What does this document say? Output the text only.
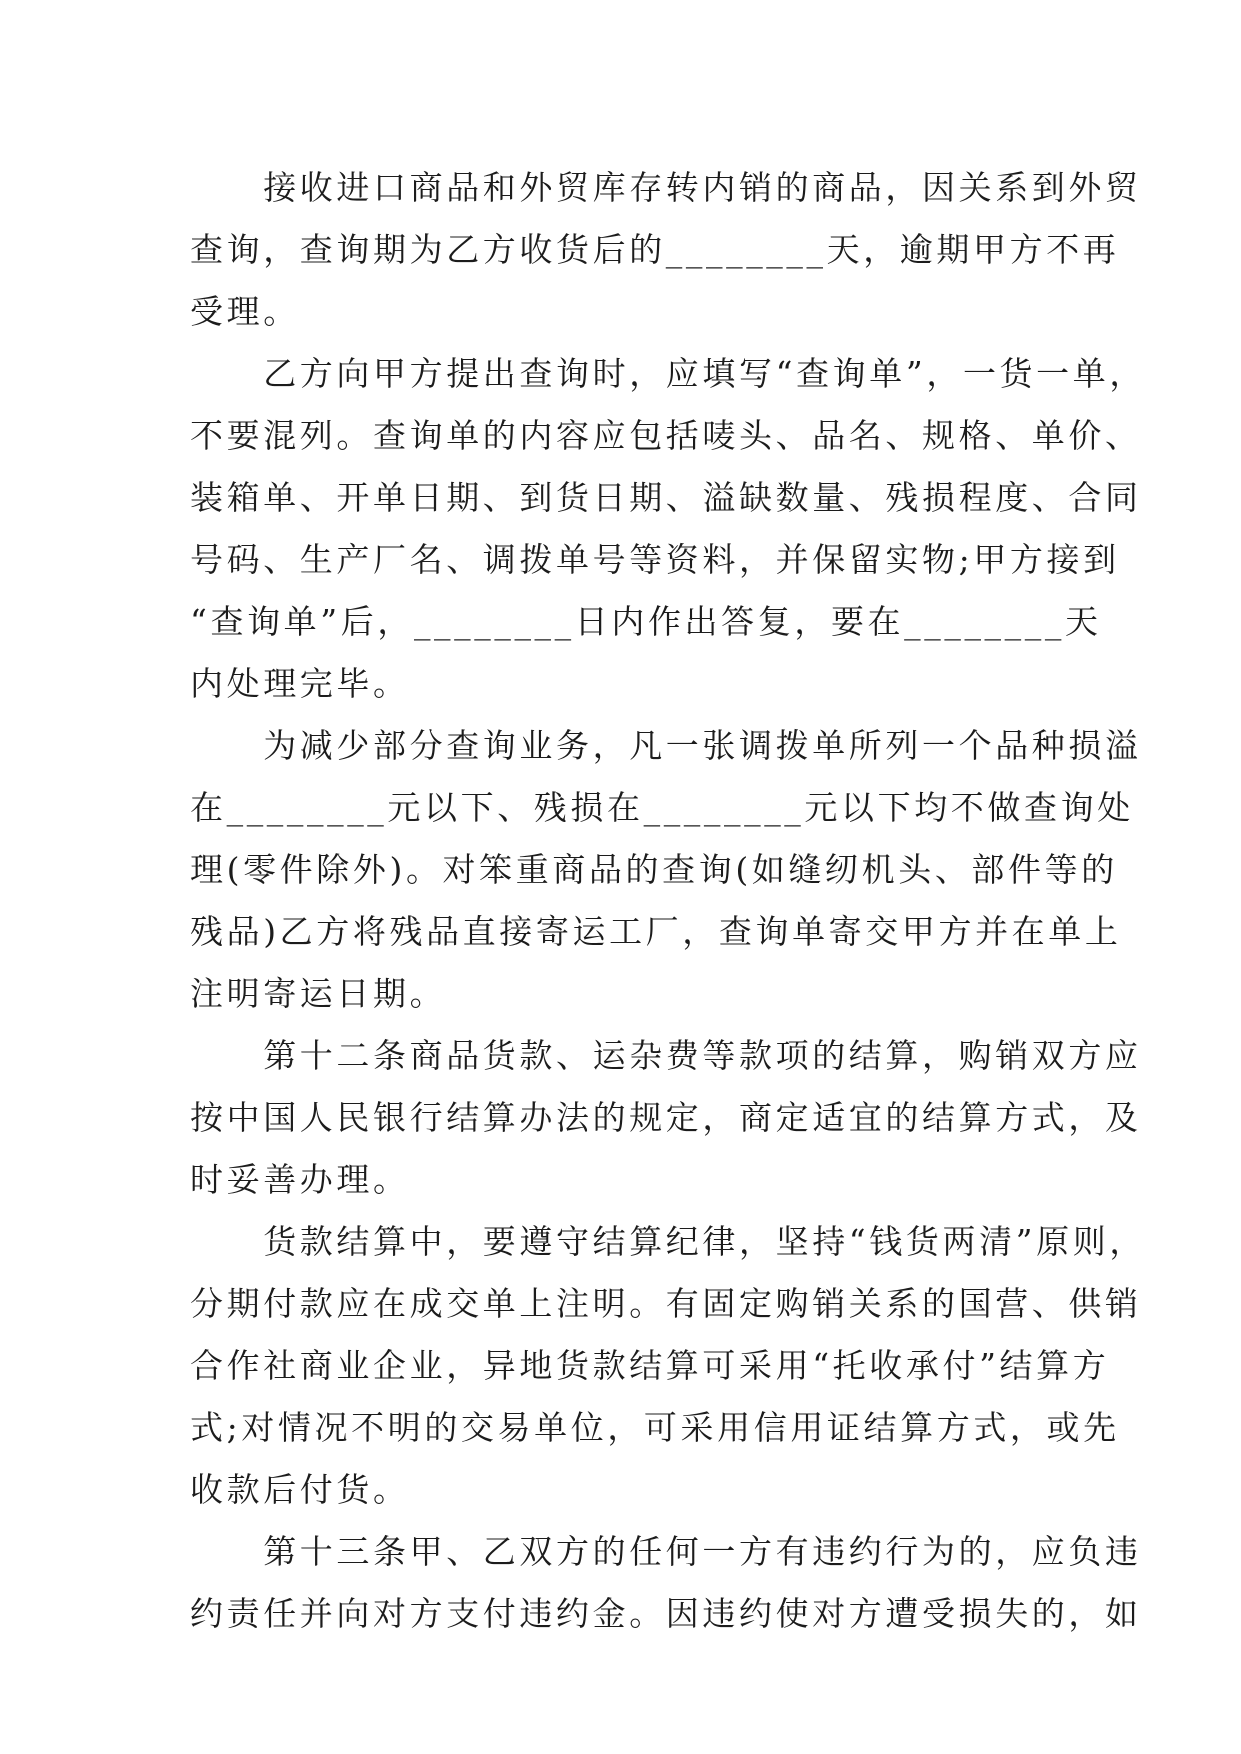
　　接收进口商品和外贸库存转内销的商品，因关系到外贸
查询，查询期为乙方收货后的________天，逾期甲方不再
受理。
　　乙方向甲方提出查询时，应填写“查询单”，一货一单，
不要混列。查询单的内容应包括唛头、品名、规格、单价、
装箱单、开单日期、到货日期、溢缺数量、残损程度、合同
号码、生产厂名、调拨单号等资料，并保留实物;甲方接到
“查询单”后，________日内作出答复，要在________天
内处理完毕。
　　为减少部分查询业务，凡一张调拨单所列一个品种损溢
在________元以下、残损在________元以下均不做查询处
理(零件除外)。对笨重商品的查询(如缝纫机头、部件等的
残品)乙方将残品直接寄运工厂，查询单寄交甲方并在单上
注明寄运日期。
　　第十二条商品货款、运杂费等款项的结算，购销双方应
按中国人民银行结算办法的规定，商定适宜的结算方式，及
时妥善办理。
　　货款结算中，要遵守结算纪律，坚持“钱货两清”原则，
分期付款应在成交单上注明。有固定购销关系的国营、供销
合作社商业企业，异地货款结算可采用“托收承付”结算方
式;对情况不明的交易单位，可采用信用证结算方式，或先
收款后付货。
　　第十三条甲、乙双方的任何一方有违约行为的，应负违
约责任并向对方支付违约金。因违约使对方遭受损失的，如
